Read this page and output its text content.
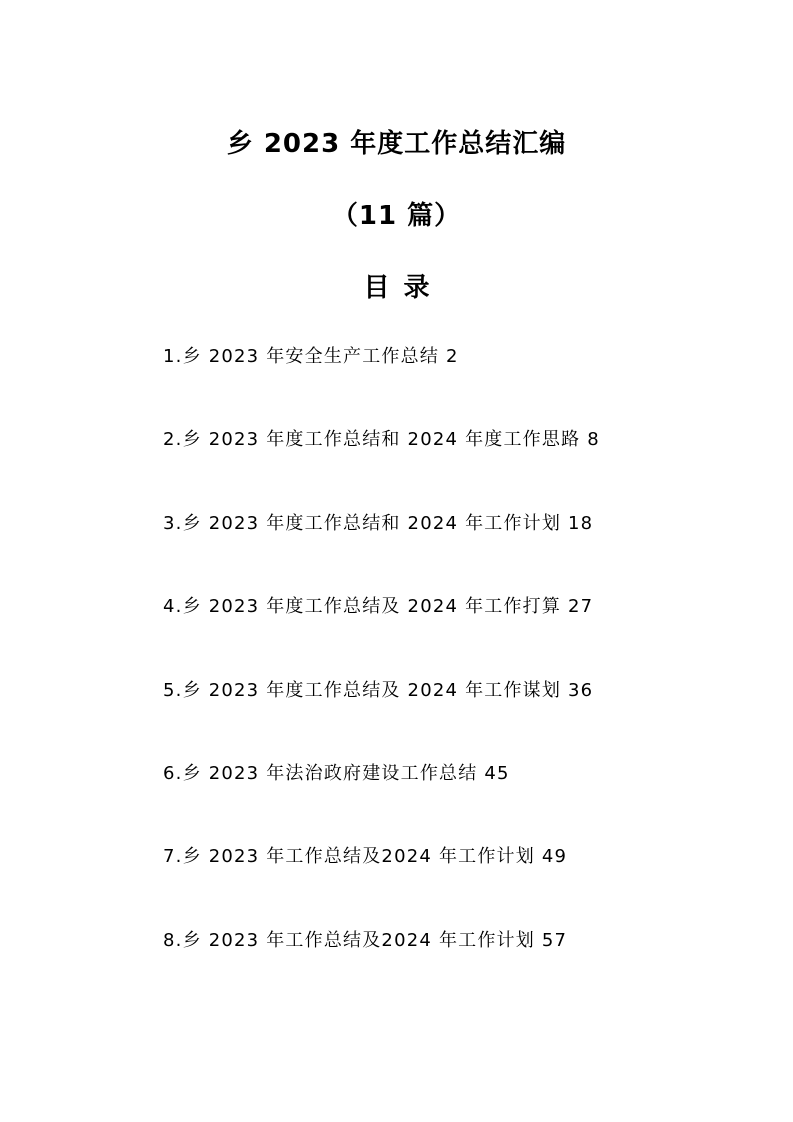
乡 2023 年度工作总结汇编
（11 篇）
目录
1.乡 2023 年安全生产工作总结 2
2.乡 2023 年度工作总结和 2024 年度工作思路 8
3.乡 2023 年度工作总结和 2024 年工作计划 18
4.乡 2023 年度工作总结及 2024 年工作打算 27
5.乡 2023 年度工作总结及 2024 年工作谋划 36
6.乡 2023 年法治政府建设工作总结 45
7.乡 2023 年工作总结及2024 年工作计划 49
8.乡 2023 年工作总结及2024 年工作计划 57
